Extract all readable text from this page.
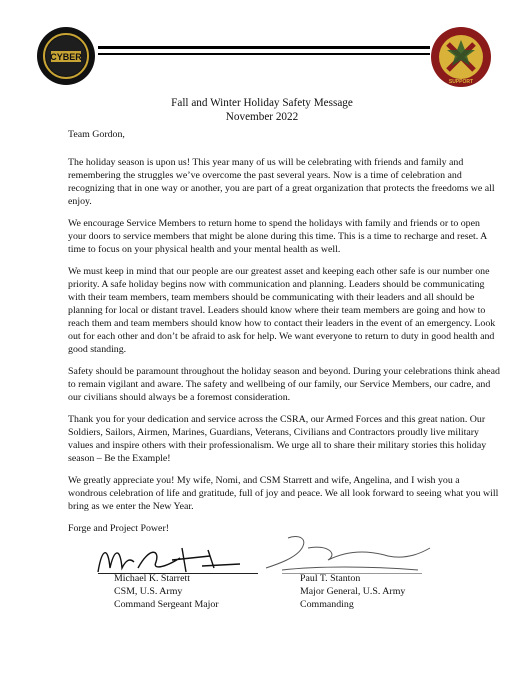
CYBER
SUPPORT
Fall and Winter Holiday Safety Message
November 2022
Team Gordon,

The holiday season is upon us! This year many of us will be celebrating with friends and family and remembering the struggles we’ve overcome the past several years. Now is a time of celebration and recognizing that in one way or another, you are part of a great organization that protects the freedoms we all enjoy.

We encourage Service Members to return home to spend the holidays with family and friends or to open your doors to service members that might be alone during this time. This is a time to recharge and reset. A time to focus on your physical health and your mental health as well.

We must keep in mind that our people are our greatest asset and keeping each other safe is our number one priority. A safe holiday begins now with communication and planning. Leaders should be communicating with their team members, team members should be communicating with their leaders and all should be planning for local or distant travel. Leaders should know where their team members are going and how to reach them and team members should know how to contact their leaders in the event of an emergency. Look out for each other and don’t be afraid to ask for help. We want everyone to return to duty in good health and good standing.

Safety should be paramount throughout the holiday season and beyond. During your celebrations think ahead to remain vigilant and aware. The safety and wellbeing of our family, our Service Members, our cadre, and our civilians should always be a foremost consideration.

Thank you for your dedication and service across the CSRA, our Armed Forces and this great nation. Our Soldiers, Sailors, Airmen, Marines, Guardians, Veterans, Civilians and Contractors proudly live military values and inspire others with their professionalism. We urge all to share their military stories this holiday season – Be the Example!

We greatly appreciate you! My wife, Nomi, and CSM Starrett and wife, Angelina, and I wish you a wondrous celebration of life and gratitude, full of joy and peace. We all look forward to seeing what you will bring as we enter the New Year.

Forge and Project Power!
Michael K. Starrett
CSM, U.S. Army
Command Sergeant Major
Paul T. Stanton
Major General, U.S. Army
Commanding
